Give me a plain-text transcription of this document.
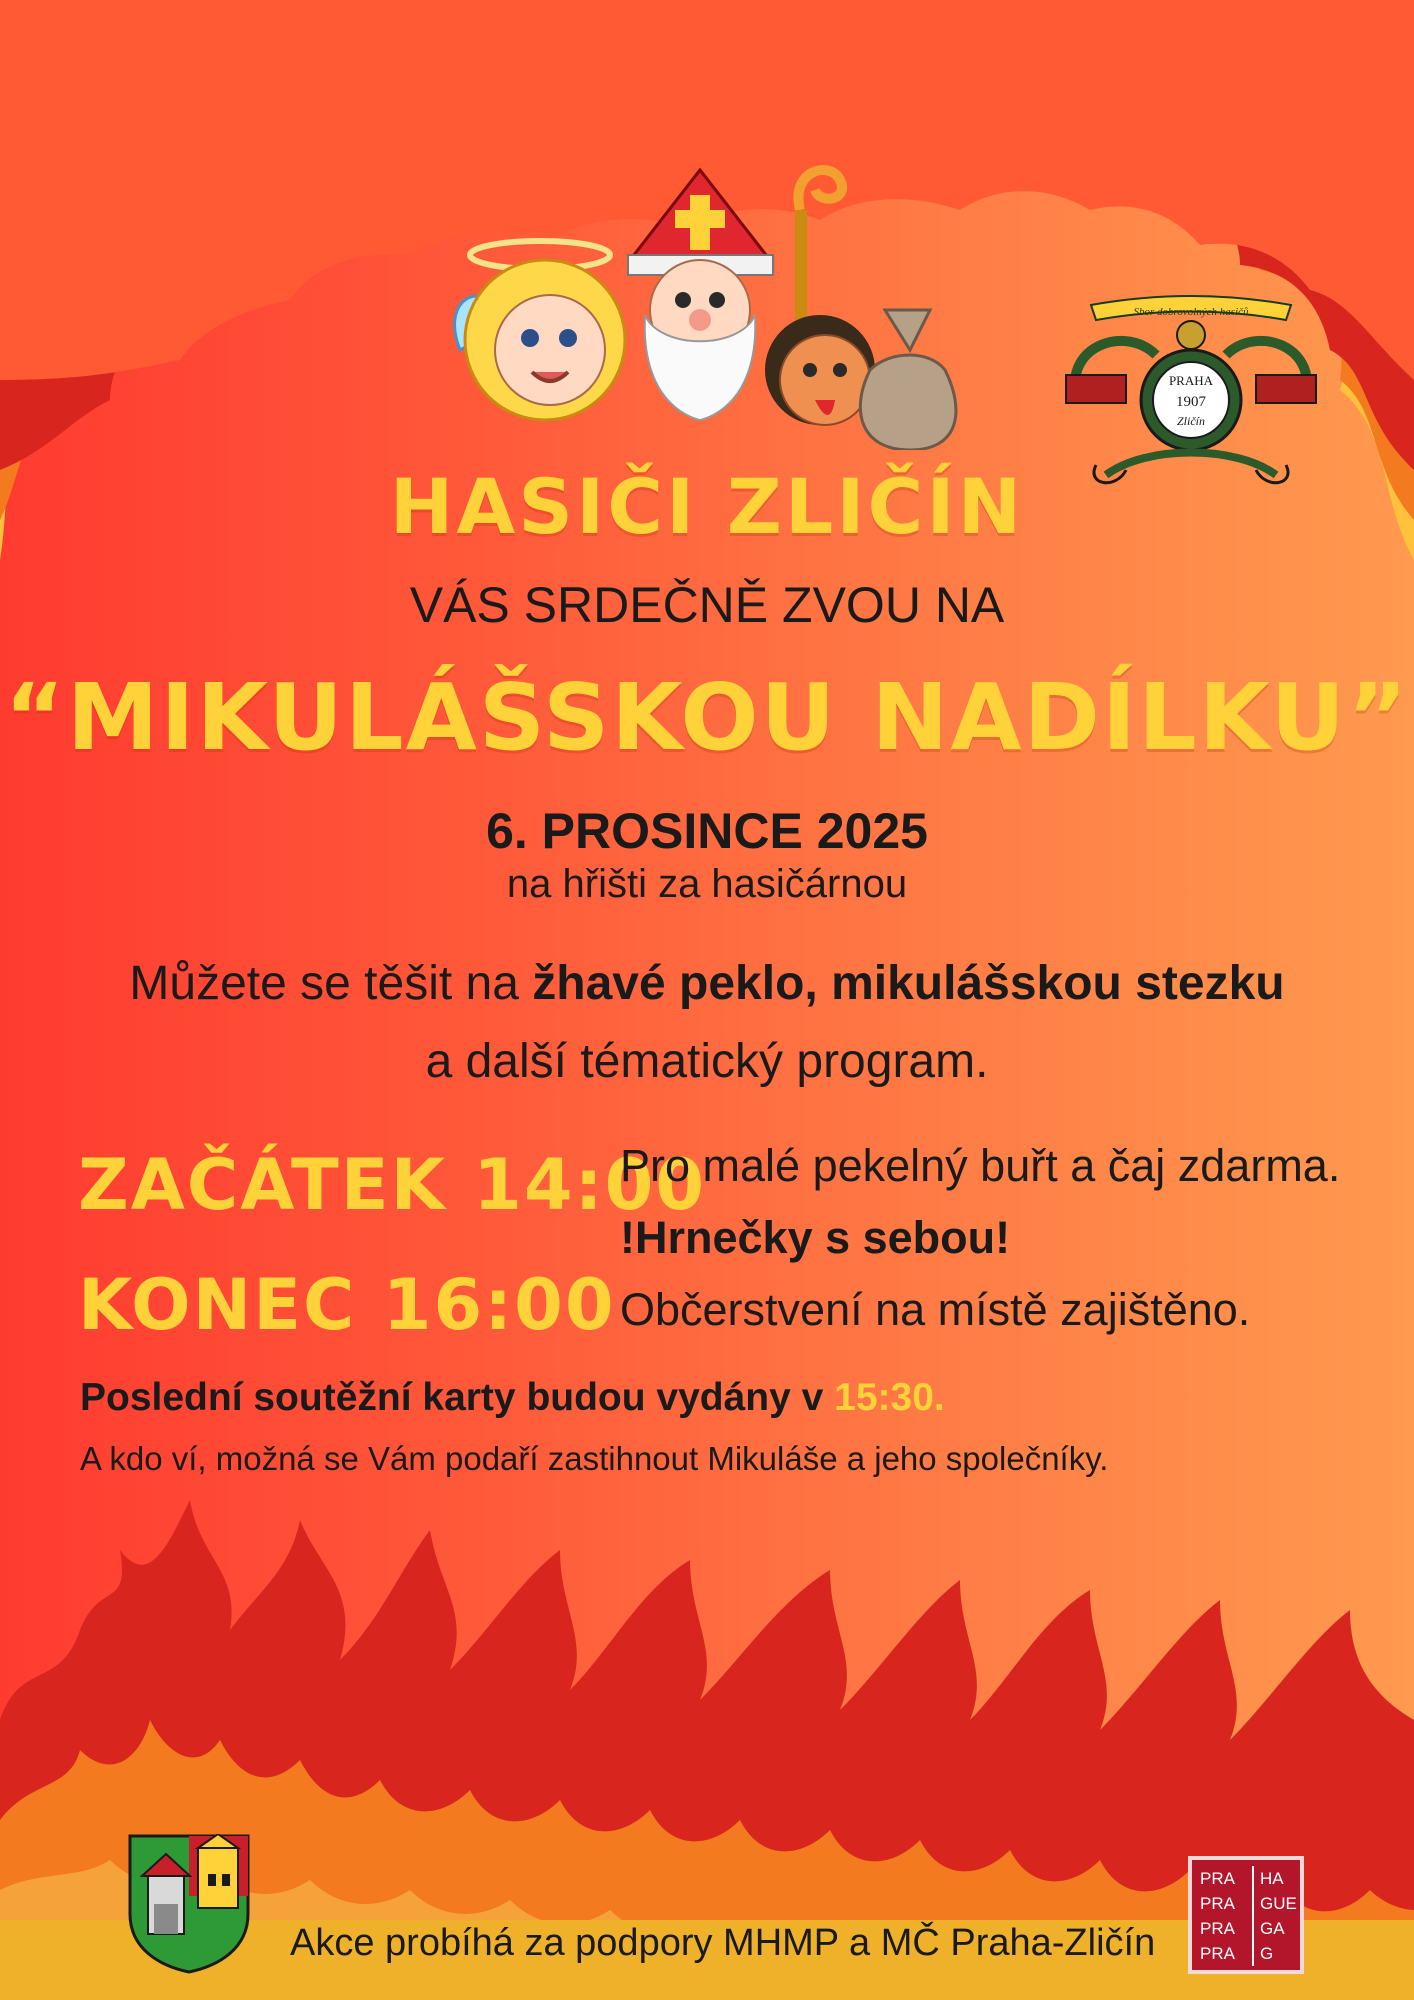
Sbor dobrovolných hasičů
PRAHA
1907
Zličín
HASIČI ZLIČÍN
VÁS SRDEČNĚ ZVOU NA
“MIKULÁŠSKOU NADÍLKU”
6. PROSINCE 2025
na hřišti za hasičárnou
Můžete se těšit na žhavé peklo, mikulášskou stezku
a další tématický program.
ZAČÁTEK 14:00
KONEC 16:00
Pro malé pekelný buřt a čaj zdarma.
!Hrnečky s sebou!
Občerstvení na místě zajištěno.
Poslední soutěžní karty budou vydány v 15:30.
A kdo ví, možná se Vám podaří zastihnout Mikuláše a jeho společníky.
Akce probíhá za podpory MHMP a MČ Praha-Zličín
PRA
PRA
PRA
PRA
HA
GUE
GA
G
